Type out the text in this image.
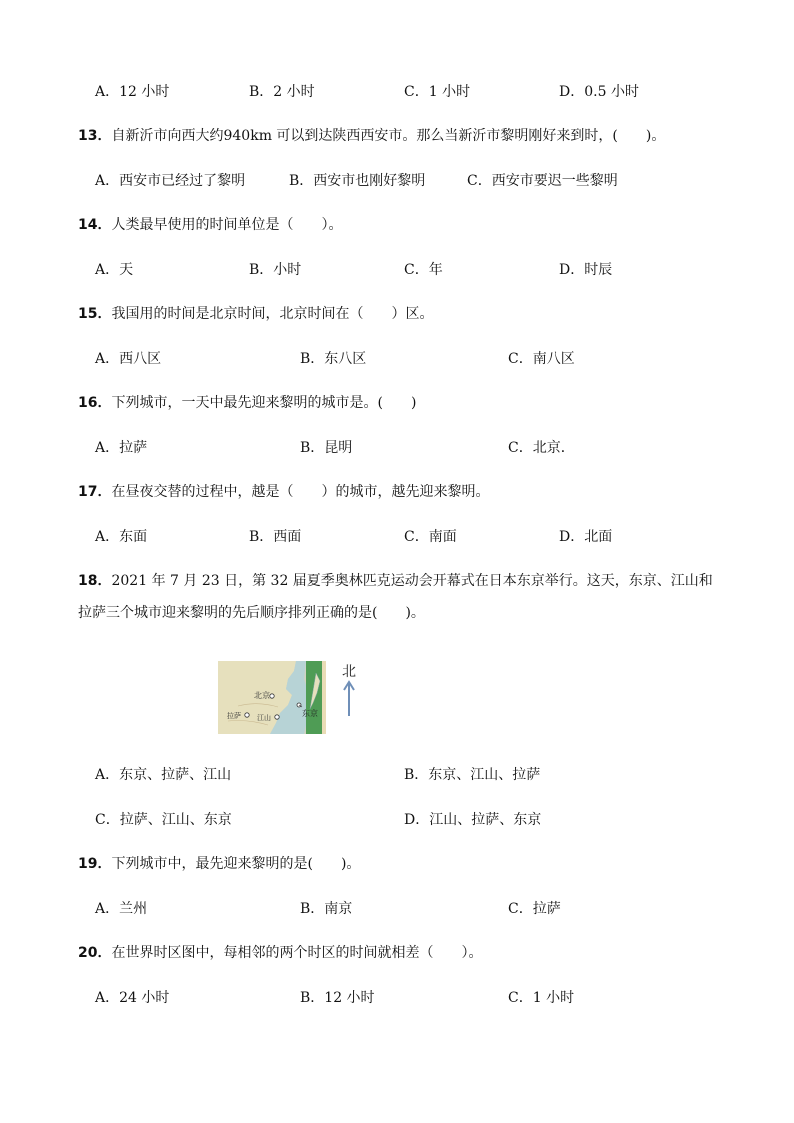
A．12 小时	B．2 小时	C．1 小时	D．0.5 小时
13．自新沂市向西大约940km 可以到达陕西西安市。那么当新沂市黎明刚好来到时，(　　)。
A．西安市已经过了黎明	B．西安市也刚好黎明	C．西安市要迟一些黎明
14．人类最早使用的时间单位是（　　）。
A．天	B．小时	C．年	D．时辰
15．我国用的时间是北京时间，北京时间在（　　）区。
A．西八区	B．东八区	C．南八区
16．下列城市，一天中最先迎来黎明的城市是。(　　)
A．拉萨	B．昆明	C．北京．
17．在昼夜交替的过程中，越是（　　）的城市，越先迎来黎明。
A．东面	B．西面	C．南面	D．北面
18．2021 年 7 月 23 日，第 32 届夏季奥林匹克运动会开幕式在日本东京举行。这天，东京、江山和
拉萨三个城市迎来黎明的先后顺序排列正确的是(　　)。
北京
拉萨 江山	东京
北
A．东京、拉萨、江山	B．东京、江山、拉萨
C．拉萨、江山、东京	D．江山、拉萨、东京
19．下列城市中，最先迎来黎明的是(　　)。
A．兰州	B．南京	C．拉萨
20．在世界时区图中，每相邻的两个时区的时间就相差（　　）。
A．24 小时	B．12 小时	C．1 小时
